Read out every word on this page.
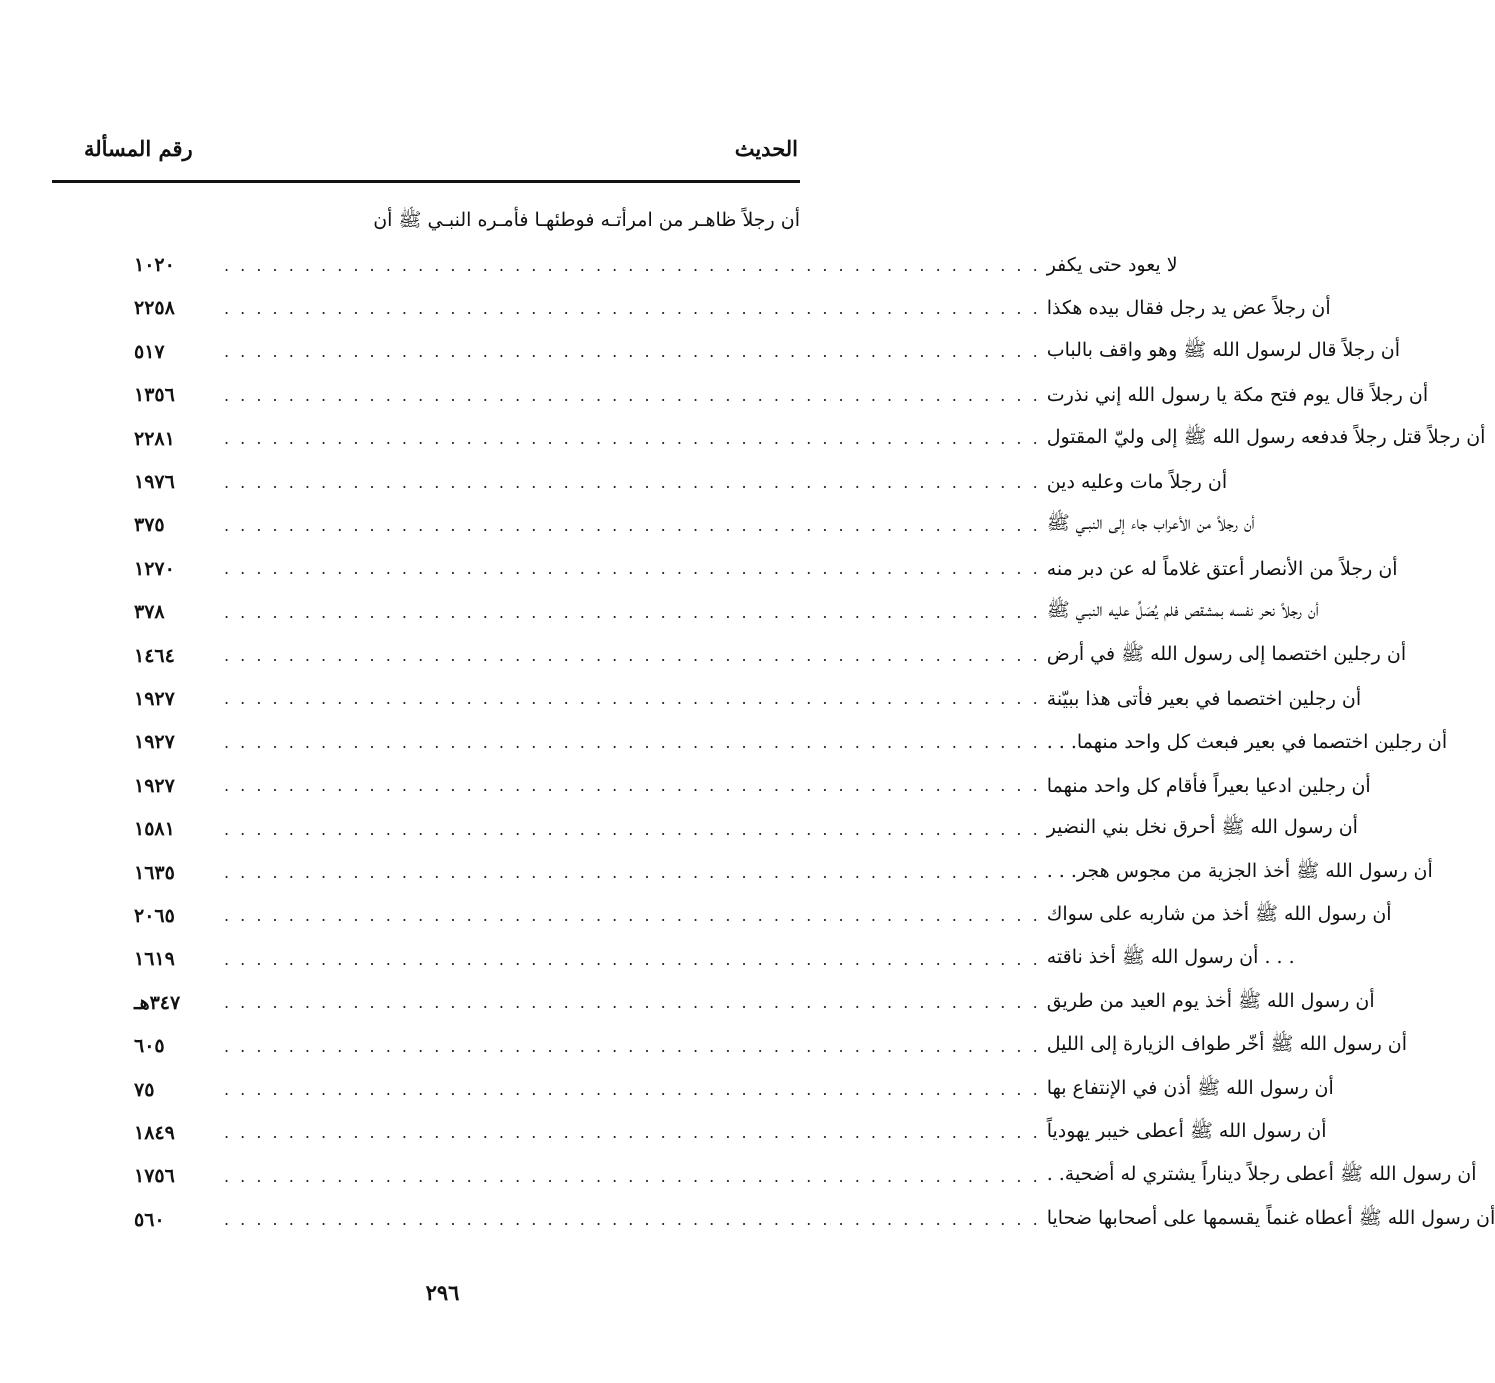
الحديث
رقم المسألة
أن رجلاً ظاهـر من امرأتـه فوطئهـا فأمـره النبـي ﷺ أن
١٠٢٠	. . . . . . . . . . . . . . . . . . . . . . . . . . . . . . . . . . . . . . . . . . . . . . . . . . . لا يعود حتى يكفر
٢٢٥٨	. . . . . . . . . . . . . . . . . . . . . . . . . . . . . . . . . . . . . . . . . . . . . . . . . . . أن رجلاً عض يد رجل فقال بيده هكذا
٥١٧	. . . . . . . . . . . . . . . . . . . . . . . . . . . . . . . . . . . . . . . . . . . . . . . . . . . أن رجلاً قال لرسول الله ﷺ وهو واقف بالباب
١٣٥٦	. . . . . . . . . . . . . . . . . . . . . . . . . . . . . . . . . . . . . . . . . . . . . . . . . . . أن رجلاً قال يوم فتح مكة يا رسول الله إني نذرت
٢٢٨١	. . . . . . . . . . . . . . . . . . . . . . . . . . . . . . . . . . . . . . . . . . . . . . . . . . . أن رجلاً قتل رجلاً فدفعه رسول الله ﷺ إلى وليّ المقتول
١٩٧٦	. . . . . . . . . . . . . . . . . . . . . . . . . . . . . . . . . . . . . . . . . . . . . . . . . . . أن رجلاً مات وعليه دين
٣٧٥	. . . . . . . . . . . . . . . . . . . . . . . . . . . . . . . . . . . . . . . . . . . . . . . . . . . أن رجلاً من الأعراب جاء إلى النبـي ﷺ
١٢٧٠	. . . . . . . . . . . . . . . . . . . . . . . . . . . . . . . . . . . . . . . . . . . . . . . . . . . أن رجلاً من الأنصار أعتق غلاماً له عن دبر منه
٣٧٨	. . . . . . . . . . . . . . . . . . . . . . . . . . . . . . . . . . . . . . . . . . . . . . . . . . . أن رجلاً نحر نفسه بمشقص فلم يُصَلِّ عليه النبـي ﷺ
١٤٦٤	. . . . . . . . . . . . . . . . . . . . . . . . . . . . . . . . . . . . . . . . . . . . . . . . . . . أن رجلين اختصما إلى رسول الله ﷺ في أرض
١٩٢٧	. . . . . . . . . . . . . . . . . . . . . . . . . . . . . . . . . . . . . . . . . . . . . . . . . . . أن رجلين اختصما في بعير فأتى هذا ببيّنة
١٩٢٧	. . . . . . . . . . . . . . . . . . . . . . . . . . . . . . . . . . . . . . . . . . . . . . . . . . . أن رجلين اختصما في بعير فبعث كل واحد منهما. . .
١٩٢٧	. . . . . . . . . . . . . . . . . . . . . . . . . . . . . . . . . . . . . . . . . . . . . . . . . . . أن رجلين ادعيا بعيراً فأقام كل واحد منهما
١٥٨١	. . . . . . . . . . . . . . . . . . . . . . . . . . . . . . . . . . . . . . . . . . . . . . . . . . . أن رسول الله ﷺ أحرق نخل بني النضير
١٦٣٥	. . . . . . . . . . . . . . . . . . . . . . . . . . . . . . . . . . . . . . . . . . . . . . . . . . . أن رسول الله ﷺ أخذ الجزية من مجوس هجر. . .
٢٠٦٥	. . . . . . . . . . . . . . . . . . . . . . . . . . . . . . . . . . . . . . . . . . . . . . . . . . . أن رسول الله ﷺ أخذ من شاربه على سواك
١٦١٩	. . . . . . . . . . . . . . . . . . . . . . . . . . . . . . . . . . . . . . . . . . . . . . . . . . . . . . أن رسول الله ﷺ أخذ ناقته
٣٤٧هـ	. . . . . . . . . . . . . . . . . . . . . . . . . . . . . . . . . . . . . . . . . . . . . . . . . . . أن رسول الله ﷺ أخذ يوم العيد من طريق
٦٠٥	. . . . . . . . . . . . . . . . . . . . . . . . . . . . . . . . . . . . . . . . . . . . . . . . . . . أن رسول الله ﷺ أخّر طواف الزيارة إلى الليل
٧٥	. . . . . . . . . . . . . . . . . . . . . . . . . . . . . . . . . . . . . . . . . . . . . . . . . . . أن رسول الله ﷺ أذن في الإنتفاع بها
١٨٤٩	. . . . . . . . . . . . . . . . . . . . . . . . . . . . . . . . . . . . . . . . . . . . . . . . . . . أن رسول الله ﷺ أعطى خيبر يهودياً
١٧٥٦	. . . . . . . . . . . . . . . . . . . . . . . . . . . . . . . . . . . . . . . . . . . . . . . . . . . أن رسول الله ﷺ أعطى رجلاً ديناراً يشتري له أضحية. .
٥٦٠	. . . . . . . . . . . . . . . . . . . . . . . . . . . . . . . . . . . . . . . . . . . . . . . . . . . أن رسول الله ﷺ أعطاه غنماً يقسمها على أصحابها ضحايا
٢٩٦
